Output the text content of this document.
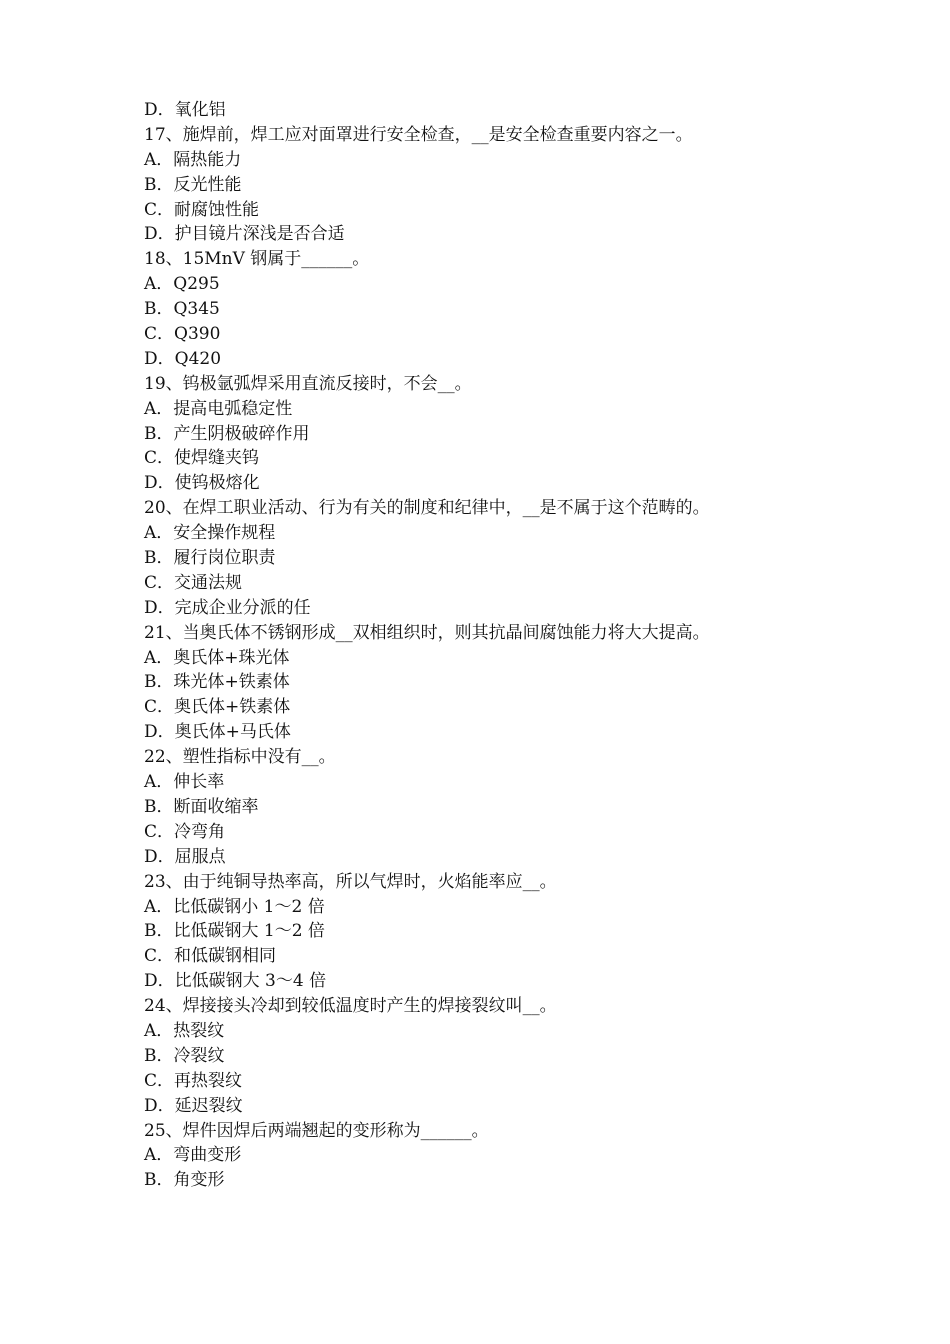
D．氧化铝
17、施焊前，焊工应对面罩进行安全检查，__是安全检查重要内容之一。
A．隔热能力
B．反光性能
C．耐腐蚀性能
D．护目镜片深浅是否合适
18、15MnV 钢属于______。
A．Q295
B．Q345
C．Q390
D．Q420
19、钨极氩弧焊采用直流反接时，不会__。
A．提高电弧稳定性
B．产生阴极破碎作用
C．使焊缝夹钨
D．使钨极熔化
20、在焊工职业活动、行为有关的制度和纪律中，__是不属于这个范畴的。
A．安全操作规程
B．履行岗位职责
C．交通法规
D．完成企业分派的任
21、当奥氏体不锈钢形成__双相组织时，则其抗晶间腐蚀能力将大大提高。
A．奥氏体+珠光体
B．珠光体+铁素体
C．奥氏体+铁素体
D．奥氏体+马氏体
22、塑性指标中没有__。
A．伸长率
B．断面收缩率
C．冷弯角
D．屈服点
23、由于纯铜导热率高，所以气焊时，火焰能率应__。
A．比低碳钢小 1～2 倍
B．比低碳钢大 1～2 倍
C．和低碳钢相同
D．比低碳钢大 3～4 倍
24、焊接接头冷却到较低温度时产生的焊接裂纹叫__。
A．热裂纹
B．冷裂纹
C．再热裂纹
D．延迟裂纹
25、焊件因焊后两端翘起的变形称为______。
A．弯曲变形
B．角变形
